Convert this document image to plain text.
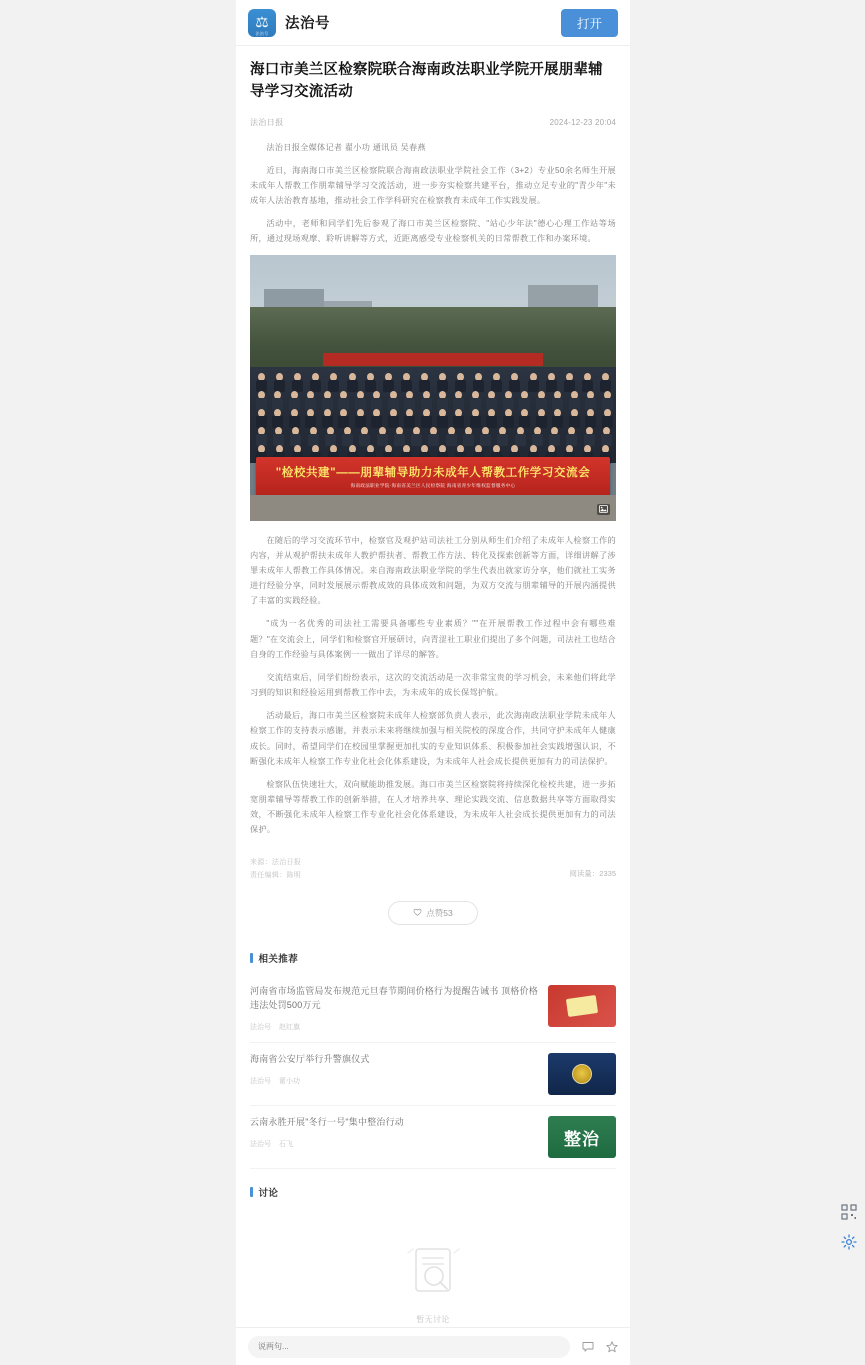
⚖
法治号
法治号	打开
海口市美兰区检察院联合海南政法职业学院开展朋辈辅导学习交流活动
法治日报	2024-12-23 20:04

法治日报全媒体记者 翟小功 通讯员 吴春燕

近日，海南海口市美兰区检察院联合海南政法职业学院社会工作（3+2）专业50余名师生开展未成年人帮教工作朋辈辅导学习交流活动，进一步夯实检察共建平台，推动立足专业的"青少年"未成年人法治教育基地，推动社会工作学科研究在检察教育未成年工作实践发展。

活动中，老师和同学们先后参观了海口市美兰区检察院、"站心少年法"德心心理工作站等场所，通过现场观摩、聆听讲解等方式，近距离感受专业检察机关的日常帮教工作和办案环境。

"检校共建"——朋辈辅导助力未成年人帮教工作学习交流会
海南政法职业学院·海南省美兰区人民检察院 海南省青少年维权监督服务中心

在随后的学习交流环节中，检察官及观护站司法社工分别从师生们介绍了未成年人检察工作的内容，并从观护帮扶未成年人教护帮扶者、帮教工作方法、转化及探索创新等方面，详细讲解了涉罪未成年人帮教工作具体情况。来自海南政法职业学院的学生代表出就家访分享，他们就社工实务进行经验分享，同时发展展示帮教成效的具体成效和问题，为双方交流与朋辈辅导的开展内涵提供了丰富的实践经验。

"成为一名优秀的司法社工需要具备哪些专业素质？""在开展帮教工作过程中会有哪些难题？"在交流会上，同学们和检察官开展研讨，向青涩社工职业们提出了多个问题，司法社工也结合自身的工作经验与具体案例一一做出了详尽的解答。

交流结束后，同学们纷纷表示，这次的交流活动是一次非常宝贵的学习机会，未来他们将此学习到的知识和经验运用到帮教工作中去，为未成年的成长保驾护航。

活动最后，海口市美兰区检察院未成年人检察部负责人表示，此次海南政法职业学院未成年人检察工作的支持表示感谢，并表示未来将继续加强与相关院校的深度合作，共同守护未成年人健康成长。同时，希望同学们在校园里掌握更加扎实的专业知识体系、积极参加社会实践增强认识，不断强化未成年人检察工作专业化社会化体系建设，为未成年人社会成长提供更加有力的司法保护。

检察队伍快速壮大，双向赋能助推发展。海口市美兰区检察院将持续深化检校共建，进一步拓宽朋辈辅导等帮教工作的创新举措，在人才培养共享、理论实践交流、信息数据共享等方面取得实效，不断强化未成年人检察工作专业化社会化体系建设，为未成年人社会成长提供更加有力的司法保护。

来源：法治日报
责任编辑：陈明	阅读量：2335
点赞53
相关推荐
河南省市场监管局发布规范元旦春节期间价格行为提醒告诫书 顶格价格违法处罚500万元
法治号 赵红旗
海南省公安厅举行升警旗仪式
法治号 翟小功
云南永胜开展"冬行一号"集中整治行动
法治号 石飞	整治
讨论
暂无讨论
说两句...
